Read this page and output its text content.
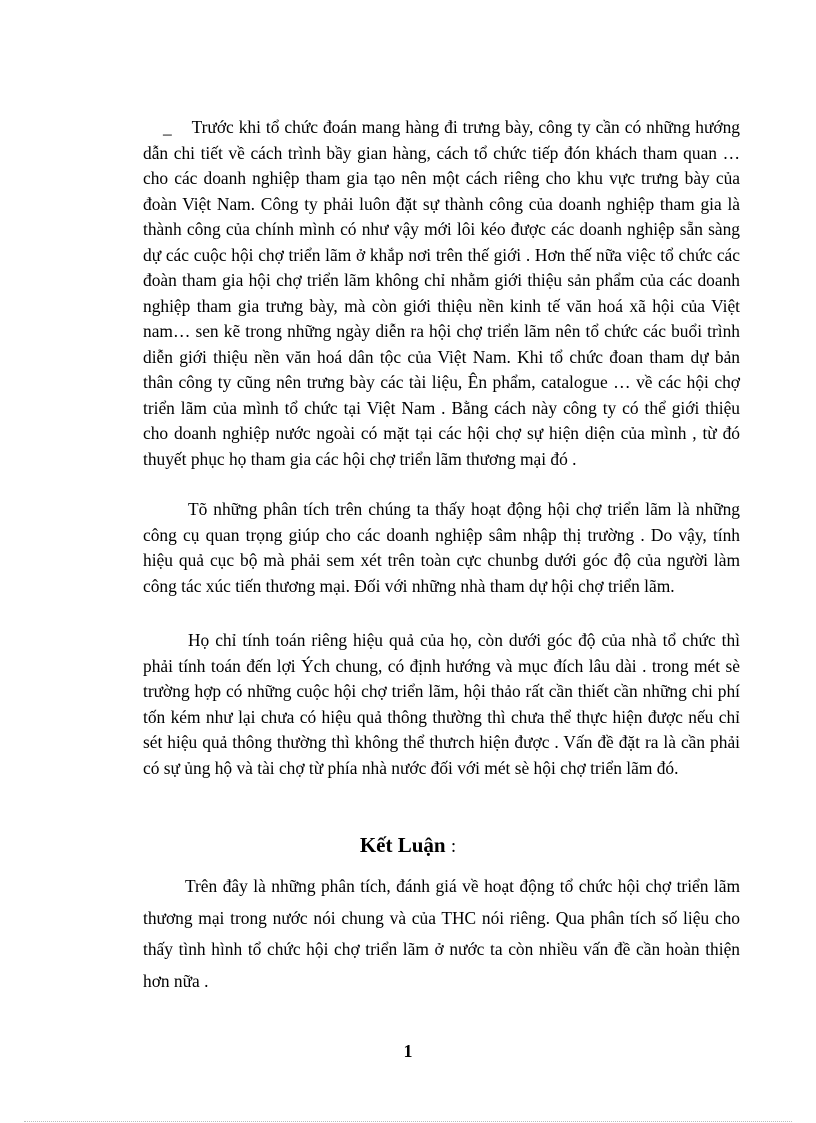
_ Trước khi tổ chức đoán mang hàng đi trưng bày, công ty cần có những hướng dẫn chi tiết về cách trình bầy gian hàng, cách tổ chức tiếp đón khách tham quan … cho các doanh nghiệp tham gia tạo nên một cách riêng cho khu vực trưng bày của đoàn Việt Nam. Công ty phải luôn đặt sự thành công của doanh nghiệp tham gia là thành công của chính mình có như vậy mới lôi kéo được các doanh nghiệp sẵn sàng dự các cuộc hội chợ triển lãm ở khắp nơi trên thế giới . Hơn thế nữa việc tổ chức các đoàn tham gia hội chợ triển lãm không chỉ nhằm giới thiệu sản phẩm của các doanh nghiệp tham gia trưng bày, mà còn giới thiệu nền kinh tế văn hoá xã hội của Việt nam… sen kẽ trong những ngày diễn ra hội chợ triển lãm nên tổ chức các buổi trình diễn giới thiệu nền văn hoá dân tộc của Việt Nam. Khi tổ chức đoan tham dự bản thân công ty cũng nên trưng bày các tài liệu, Ên phẩm, catalogue … về các hội chợ triển lãm của mình tổ chức tại Việt Nam . Bằng cách này công ty có thể giới thiệu cho doanh nghiệp nước ngoài có mặt tại các hội chợ sự hiện diện của mình , từ đó thuyết phục họ tham gia các hội chợ triển lãm thương mại đó .

Tõ những phân tích trên chúng ta thấy hoạt động hội chợ triển lãm là những công cụ quan trọng giúp cho các doanh nghiệp sâm nhập thị trường . Do vậy, tính hiệu quả cục bộ mà phải sem xét trên toàn cực chunbg dưới góc độ của người làm công tác xúc tiến thương mại. Đối với những nhà tham dự hội chợ triển lãm.

Họ chỉ tính toán riêng hiệu quả của họ, còn dưới góc độ của nhà tổ chức thì phải tính toán đến lợi Ých chung, có định hướng và mục đích lâu dài . trong mét sè trường hợp có những cuộc hội chợ triển lãm, hội thảo rất cần thiết cần những chi phí tốn kém như lại chưa có hiệu quả thông thường thì chưa thể thực hiện được nếu chỉ sét hiệu quả thông thường thì không thể thưrch hiện được . Vấn đề đặt ra là cần phải có sự ủng hộ và tài chợ từ phía nhà nước đối với mét sè hội chợ triển lãm đó.

Kết Luận :

Trên đây là những phân tích, đánh giá về hoạt động tổ chức hội chợ triển lãm thương mại trong nước nói chung và của THC nói riêng. Qua phân tích số liệu cho thấy tình hình tổ chức hội chợ triển lãm ở nước ta còn nhiều vấn đề cần hoàn thiện hơn nữa .

1
